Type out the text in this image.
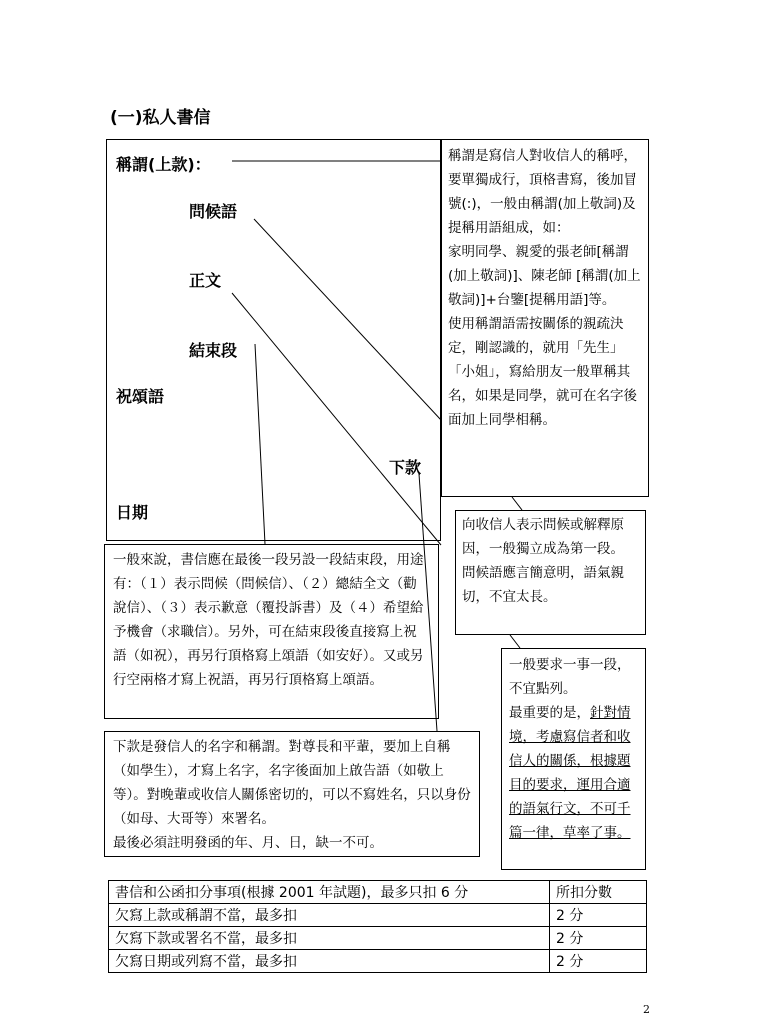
(一)私人書信
稱謂(上款)：
問候語
正文
結束段
祝頌語
下款
日期

稱謂是寫信人對收信人的稱呼，要單獨成行，頂格書寫，後加冒號(:)，一般由稱謂(加上敬詞)及提稱用語組成，如：

家明同學、親愛的張老師[稱謂(加上敬詞)]、陳老師 [稱謂(加上敬詞)]+台鑒[提稱用語]等。

使用稱謂語需按關係的親疏決定，剛認識的，就用「先生」「小姐」，寫給朋友一般單稱其名，如果是同學，就可在名字後面加上同學相稱。

向收信人表示問候或解釋原因，一般獨立成為第一段。

問候語應言簡意明，語氣親切，不宜太長。

一般要求一事一段，不宜點列。

最重要的是，針對情境，考慮寫信者和收信人的關係，根據題目的要求，運用合適的語氣行文，不可千篇一律，草率了事。

一般來說，書信應在最後一段另設一段結束段，用途有：（１）表示問候（問候信）、（２）總結全文（勸說信）、（３）表示歉意（覆投訴書）及（４）希望給予機會（求職信）。另外，可在結束段後直接寫上祝語（如祝），再另行頂格寫上頌語（如安好）。又或另行空兩格才寫上祝語，再另行頂格寫上頌語。

下款是發信人的名字和稱謂。對尊長和平輩，要加上自稱（如學生），才寫上名字，名字後面加上啟告語（如敬上等）。對晚輩或收信人關係密切的，可以不寫姓名，只以身份（如母、大哥等）來署名。

最後必須註明發函的年、月、日，缺一不可。

書信和公函扣分事項(根據 2001 年試題)，最多只扣 6 分	所扣分數
欠寫上款或稱謂不當，最多扣	2 分
欠寫下款或署名不當，最多扣	2 分
欠寫日期或列寫不當，最多扣	2 分
2
